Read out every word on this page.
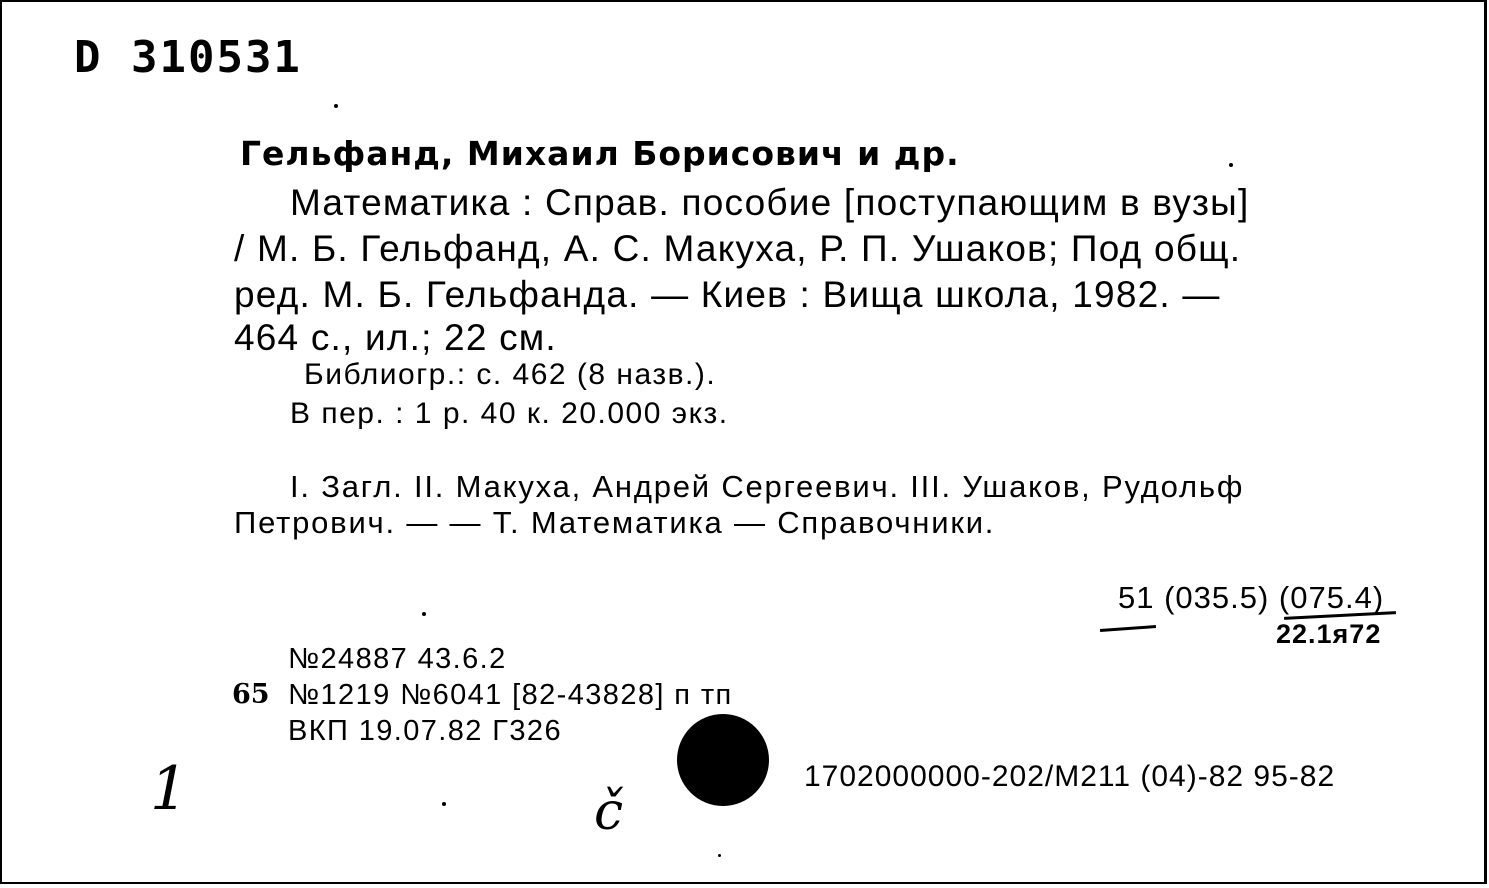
D 310531
Гельфанд, Михаил Борисович и др.
Математика : Справ. пособие [поступающим в вузы]
/ М. Б. Гельфанд, А. С. Макуха, Р. П. Ушаков; Под общ.
ред. М. Б. Гельфанда. — Киев : Вища школа, 1982. —
464 с., ил.; 22 см.
Библиогр.: с. 462 (8 назв.).
В пер. : 1 р. 40 к. 20.000 экз.
I. Загл. II. Макуха, Андрей Сергеевич. III. Ушаков, Рудольф
Петрович. — — Т. Математика — Справочники.
51 (035.5) (075.4)
22.1я72
№24887 43.6.2
65 №1219 №6041 [82-43828] п тп
ВКП 19.07.82 Г326
1702000000-202/М211 (04)-82 95-82
1	č
